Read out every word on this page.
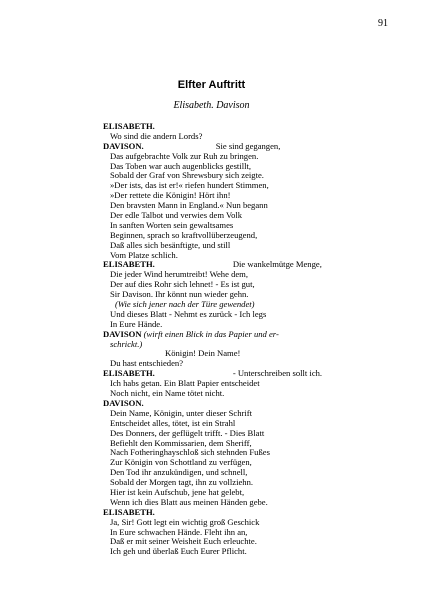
91
Elfter Auftritt
Elisabeth. Davison
ELISABETH.
Wo sind die andern Lords?
DAVISON.	Sie sind gegangen,
Das aufgebrachte Volk zur Ruh zu bringen.
Das Toben war auch augenblicks gestillt,
Sobald der Graf von Shrewsbury sich zeigte.
»Der ists, das ist er!« riefen hundert Stimmen,
»Der rettete die Königin! Hört ihn!
Den bravsten Mann in England.« Nun begann
Der edle Talbot und verwies dem Volk
In sanften Worten sein gewaltsames
Beginnen, sprach so kraftvollüberzeugend,
Daß alles sich besänftigte, und still
Vom Platze schlich.
ELISABETH.	Die wankelmütge Menge,
Die jeder Wind herumtreibt! Wehe dem,
Der auf dies Rohr sich lehnet! - Es ist gut,
Sir Davison. Ihr könnt nun wieder gehn.
(Wie sich jener nach der Türe gewendet)
Und dieses Blatt - Nehmt es zurück - Ich legs
In Eure Hände.
DAVISON (wirft einen Blick in das Papier und er-
schrickt.)
Königin! Dein Name!
Du hast entschieden?
ELISABETH.	- Unterschreiben sollt ich.
Ich habs getan. Ein Blatt Papier entscheidet
Noch nicht, ein Name tötet nicht.
DAVISON.
Dein Name, Königin, unter dieser Schrift
Entscheidet alles, tötet, ist ein Strahl
Des Donners, der geflügelt trifft. - Dies Blatt
Befiehlt den Kommissarien, dem Sheriff,
Nach Fotheringhayschloß sich stehnden Fußes
Zur Königin von Schottland zu verfügen,
Den Tod ihr anzukündigen, und schnell,
Sobald der Morgen tagt, ihn zu vollziehn.
Hier ist kein Aufschub, jene hat gelebt,
Wenn ich dies Blatt aus meinen Händen gebe.
ELISABETH.
Ja, Sir! Gott legt ein wichtig groß Geschick
In Eure schwachen Hände. Fleht ihn an,
Daß er mit seiner Weisheit Euch erleuchte.
Ich geh und überlaß Euch Eurer Pflicht.
